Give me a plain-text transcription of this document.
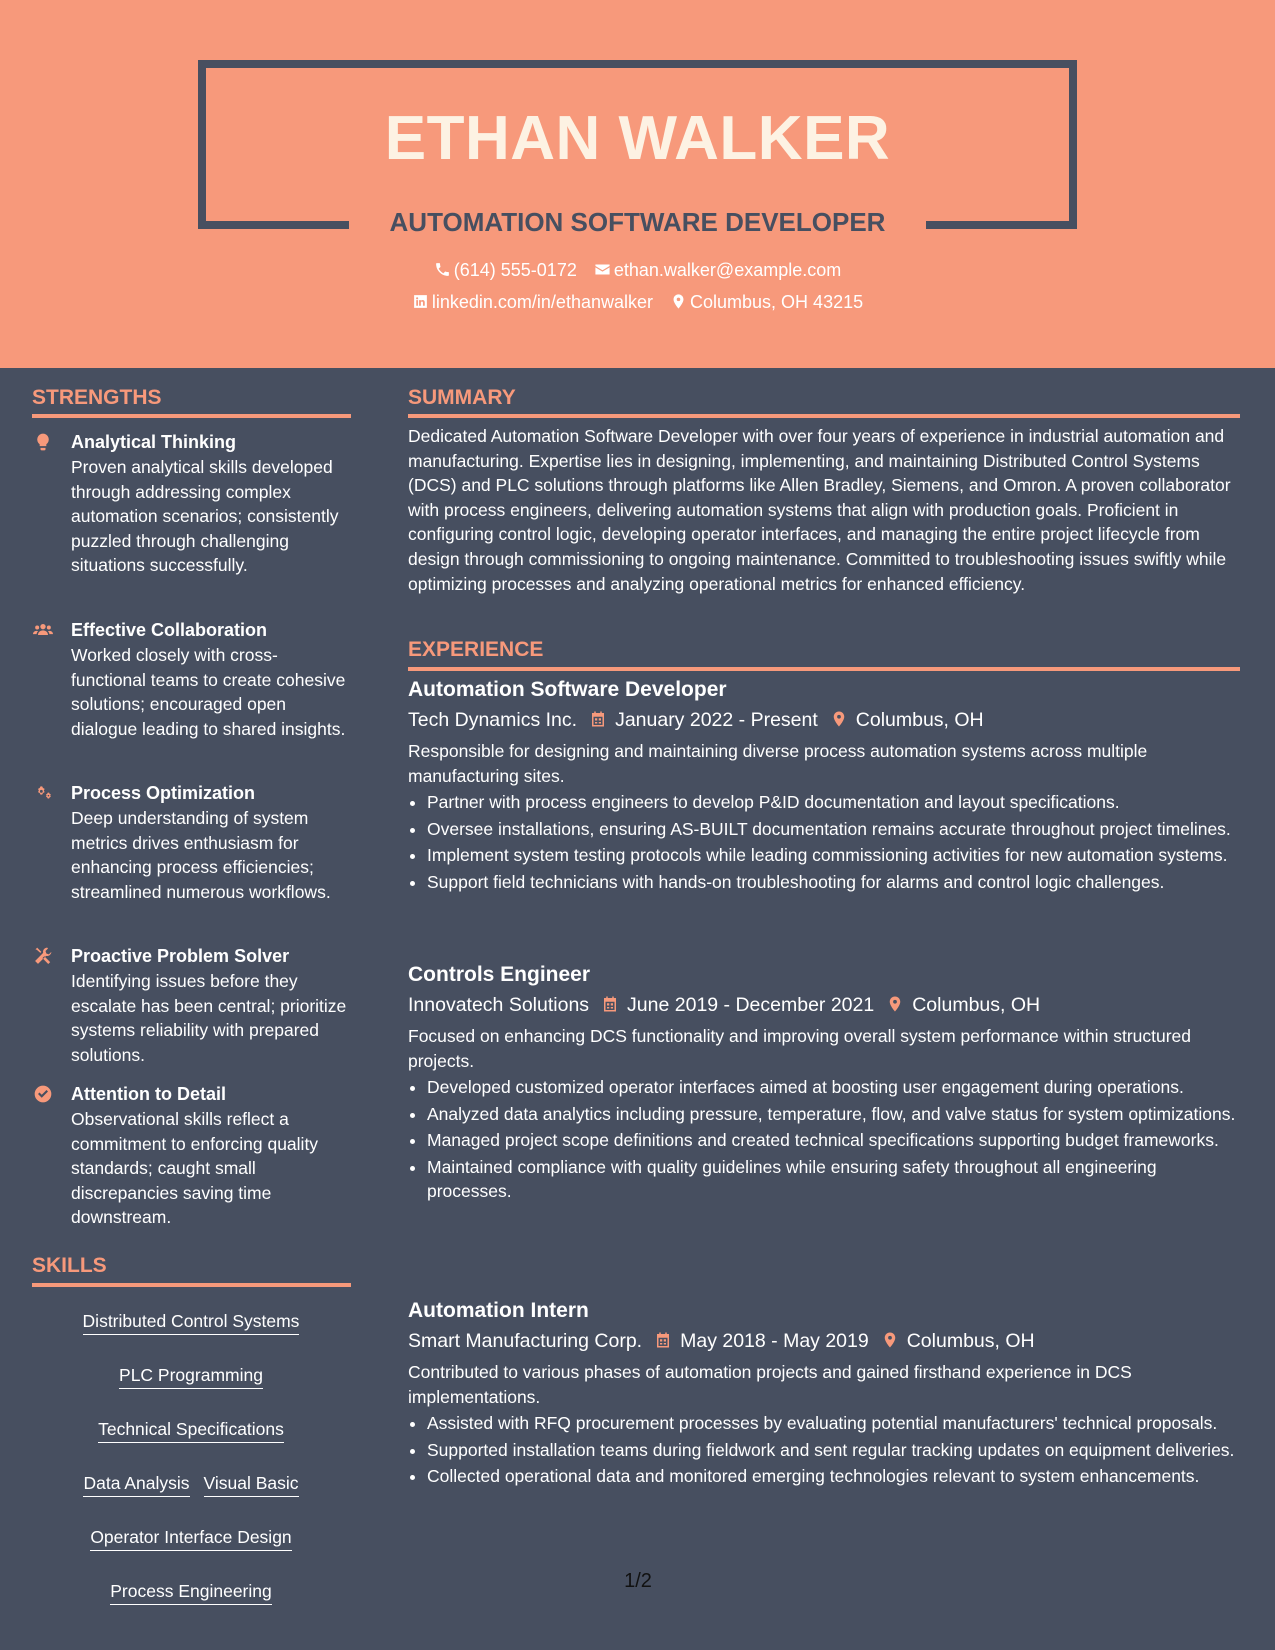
ETHAN WALKER
AUTOMATION SOFTWARE DEVELOPER
(614) 555-0172 ethan.walker@example.com
linkedin.com/in/ethanwalker Columbus, OH 43215
STRENGTHS
Analytical Thinking
Proven analytical skills developed through addressing complex automation scenarios; consistently puzzled through challenging situations successfully.
Effective Collaboration
Worked closely with cross-functional teams to create cohesive solutions; encouraged open dialogue leading to shared insights.
Process Optimization
Deep understanding of system metrics drives enthusiasm for enhancing process efficiencies; streamlined numerous workflows.
Proactive Problem Solver
Identifying issues before they escalate has been central; prioritize systems reliability with prepared solutions.
Attention to Detail
Observational skills reflect a commitment to enforcing quality standards; caught small discrepancies saving time downstream.
SKILLS
Distributed Control Systems
PLC Programming
Technical Specifications
Data Analysis Visual Basic
Operator Interface Design
Process Engineering
SUMMARY
Dedicated Automation Software Developer with over four years of experience in industrial automation and manufacturing. Expertise lies in designing, implementing, and maintaining Distributed Control Systems (DCS) and PLC solutions through platforms like Allen Bradley, Siemens, and Omron. A proven collaborator with process engineers, delivering automation systems that align with production goals. Proficient in configuring control logic, developing operator interfaces, and managing the entire project lifecycle from design through commissioning to ongoing maintenance. Committed to troubleshooting issues swiftly while optimizing processes and analyzing operational metrics for enhanced efficiency.
EXPERIENCE
Automation Software Developer
Tech Dynamics Inc. January 2022 - Present Columbus, OH
Responsible for designing and maintaining diverse process automation systems across multiple manufacturing sites.
• Partner with process engineers to develop P&ID documentation and layout specifications.
• Oversee installations, ensuring AS-BUILT documentation remains accurate throughout project timelines.
• Implement system testing protocols while leading commissioning activities for new automation systems.
• Support field technicians with hands-on troubleshooting for alarms and control logic challenges.
Controls Engineer
Innovatech Solutions June 2019 - December 2021 Columbus, OH
Focused on enhancing DCS functionality and improving overall system performance within structured projects.
• Developed customized operator interfaces aimed at boosting user engagement during operations.
• Analyzed data analytics including pressure, temperature, flow, and valve status for system optimizations.
• Managed project scope definitions and created technical specifications supporting budget frameworks.
• Maintained compliance with quality guidelines while ensuring safety throughout all engineering processes.
Automation Intern
Smart Manufacturing Corp. May 2018 - May 2019 Columbus, OH
Contributed to various phases of automation projects and gained firsthand experience in DCS implementations.
• Assisted with RFQ procurement processes by evaluating potential manufacturers' technical proposals.
• Supported installation teams during fieldwork and sent regular tracking updates on equipment deliveries.
• Collected operational data and monitored emerging technologies relevant to system enhancements.
1/2
